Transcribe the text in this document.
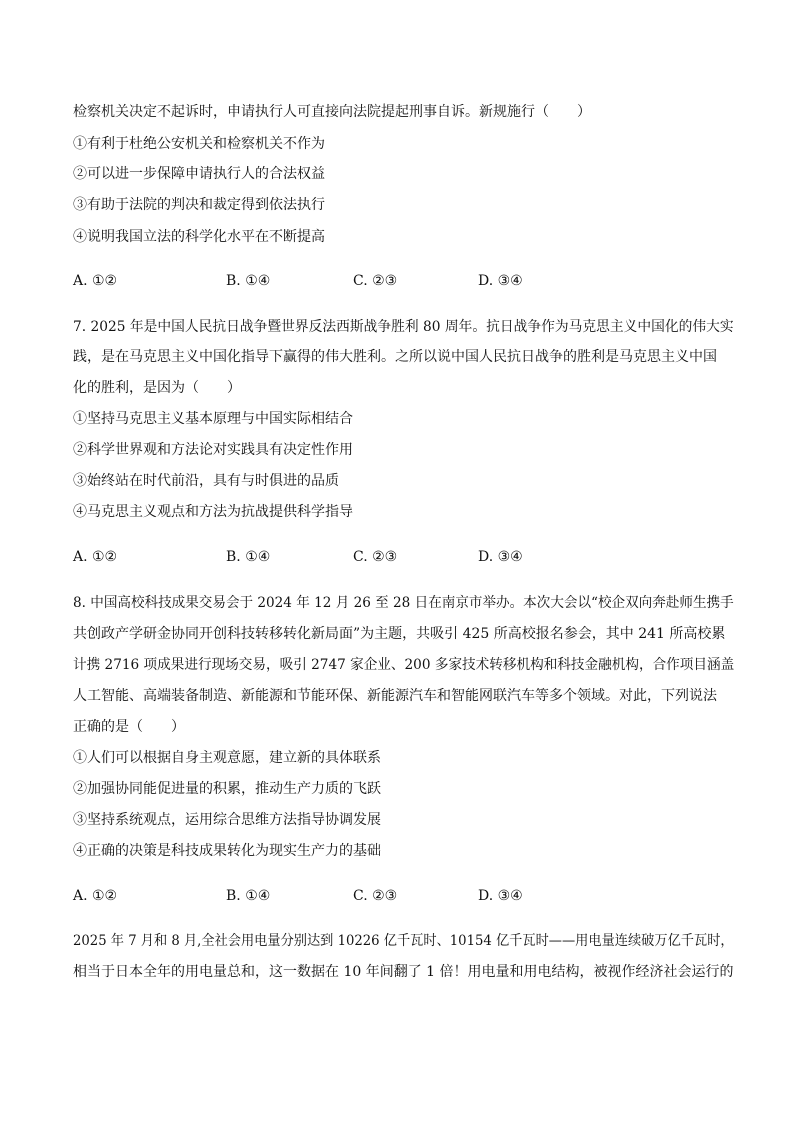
检察机关决定不起诉时，申请执行人可直接向法院提起刑事自诉。新规施行（　　）
①有利于杜绝公安机关和检察机关不作为
②可以进一步保障申请执行人的合法权益
③有助于法院的判决和裁定得到依法执行
④说明我国立法的科学化水平在不断提高
A. ①②	B. ①④	C. ②③	D. ③④
7. 2025 年是中国人民抗日战争暨世界反法西斯战争胜利 80 周年。抗日战争作为马克思主义中国化的伟大实
践，是在马克思主义中国化指导下赢得的伟大胜利。之所以说中国人民抗日战争的胜利是马克思主义中国
化的胜利，是因为（　　）
①坚持马克思主义基本原理与中国实际相结合
②科学世界观和方法论对实践具有决定性作用
③始终站在时代前沿，具有与时俱进的品质
④马克思主义观点和方法为抗战提供科学指导
A. ①②	B. ①④	C. ②③	D. ③④
8. 中国高校科技成果交易会于 2024 年 12 月 26 至 28 日在南京市举办。本次大会以“校企双向奔赴师生携手
共创政产学研金协同开创科技转移转化新局面”为主题，共吸引 425 所高校报名参会，其中 241 所高校累
计携 2716 项成果进行现场交易，吸引 2747 家企业、200 多家技术转移机构和科技金融机构，合作项目涵盖
人工智能、高端装备制造、新能源和节能环保、新能源汽车和智能网联汽车等多个领域。对此，下列说法
正确的是（　　）
①人们可以根据自身主观意愿，建立新的具体联系
②加强协同能促进量的积累，推动生产力质的飞跃
③坚持系统观点，运用综合思维方法指导协调发展
④正确的决策是科技成果转化为现实生产力的基础
A. ①②	B. ①④	C. ②③	D. ③④
2025 年 7 月和 8 月,全社会用电量分别达到 10226 亿千瓦时、10154 亿千瓦时——用电量连续破万亿千瓦时，
相当于日本全年的用电量总和，这一数据在 10 年间翻了 1 倍！用电量和用电结构，被视作经济社会运行的
